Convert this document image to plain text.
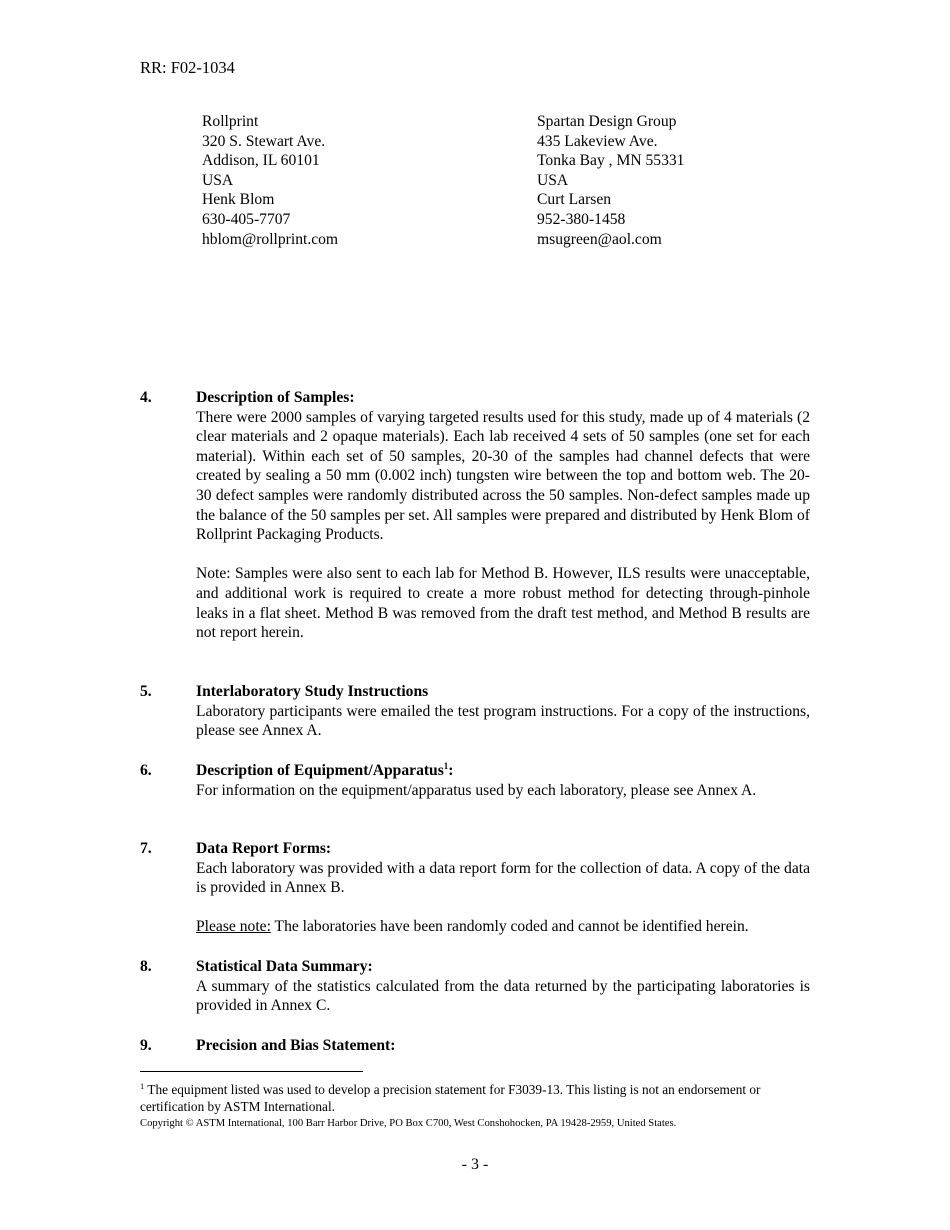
RR: F02-1034
Rollprint
320 S. Stewart Ave.
Addison, IL 60101
USA
Henk Blom
630-405-7707
hblom@rollprint.com
Spartan Design Group
435 Lakeview Ave.
Tonka Bay , MN 55331
USA
Curt Larsen
952-380-1458
msugreen@aol.com
4.	Description of Samples:
There were 2000 samples of varying targeted results used for this study, made up of 4 materials (2 clear materials and 2 opaque materials). Each lab received 4 sets of 50 samples (one set for each material). Within each set of 50 samples, 20-30 of the samples had channel defects that were created by sealing a 50 mm (0.002 inch) tungsten wire between the top and bottom web. The 20-30 defect samples were randomly distributed across the 50 samples. Non-defect samples made up the balance of the 50 samples per set. All samples were prepared and distributed by Henk Blom of Rollprint Packaging Products.
Note: Samples were also sent to each lab for Method B. However, ILS results were unacceptable, and additional work is required to create a more robust method for detecting through-pinhole leaks in a flat sheet. Method B was removed from the draft test method, and Method B results are not report herein.
5.	Interlaboratory Study Instructions
Laboratory participants were emailed the test program instructions. For a copy of the instructions, please see Annex A.
6.	Description of Equipment/Apparatus$^1$:
For information on the equipment/apparatus used by each laboratory, please see Annex A.
7.	Data Report Forms:
Each laboratory was provided with a data report form for the collection of data. A copy of the data is provided in Annex B.
Please note: The laboratories have been randomly coded and cannot be identified herein.
8.	Statistical Data Summary:
A summary of the statistics calculated from the data returned by the participating laboratories is provided in Annex C.
9.	Precision and Bias Statement:
$^1$ The equipment listed was used to develop a precision statement for F3039-13. This listing is not an endorsement or certification by ASTM International.
Copyright © ASTM International, 100 Barr Harbor Drive, PO Box C700, West Conshohocken, PA 19428-2959, United States.
- 3 -
